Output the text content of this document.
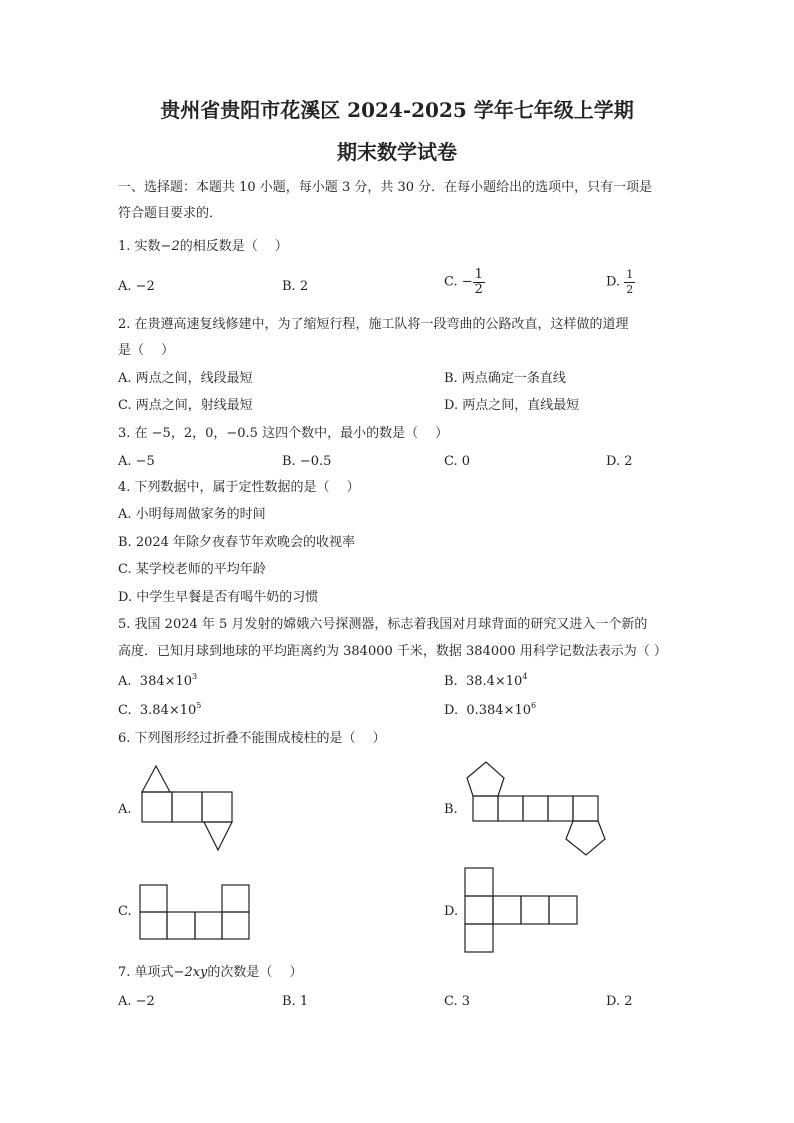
贵州省贵阳市花溪区 2024-2025 学年七年级上学期
期末数学试卷
一、选择题：本题共 10 小题，每小题 3 分，共 30 分．在每小题给出的选项中，只有一项是
符合题目要求的．
1. 实数−2的相反数是（　 ）
A. −2	B. 2	C. − $\frac{1}{2}$	D. $\frac{1}{2}$
2. 在贵遵高速复线修建中，为了缩短行程，施工队将一段弯曲的公路改直，这样做的道理
是（　 ）
A. 两点之间，线段最短	B. 两点确定一条直线
C. 两点之间，射线最短	D. 两点之间，直线最短
3. 在 −5，2，0，−0.5 这四个数中，最小的数是（　 ）
A. −5	B. −0.5	C. 0	D. 2
4. 下列数据中，属于定性数据的是（　 ）
A. 小明每周做家务的时间
B. 2024 年除夕夜春节年欢晚会的收视率
C. 某学校老师的平均年龄
D. 中学生早餐是否有喝牛奶的习惯
5. 我国 2024 年 5 月发射的嫦娥六号探测器，标志着我国对月球背面的研究又进入一个新的
高度．已知月球到地球的平均距离约为 384000 千米，数据 384000 用科学记数法表示为（ ）
A. $384\times 10^3$	B. $38.4\times 10^4$
C. $3.84\times 10^5$	D. $0.384\times 10^6$
6. 下列图形经过折叠不能围成棱柱的是（　 ）
A.	B.
C.	D.
7. 单项式−2xy的次数是（　 ）
A. −2	B. 1	C. 3	D. 2
